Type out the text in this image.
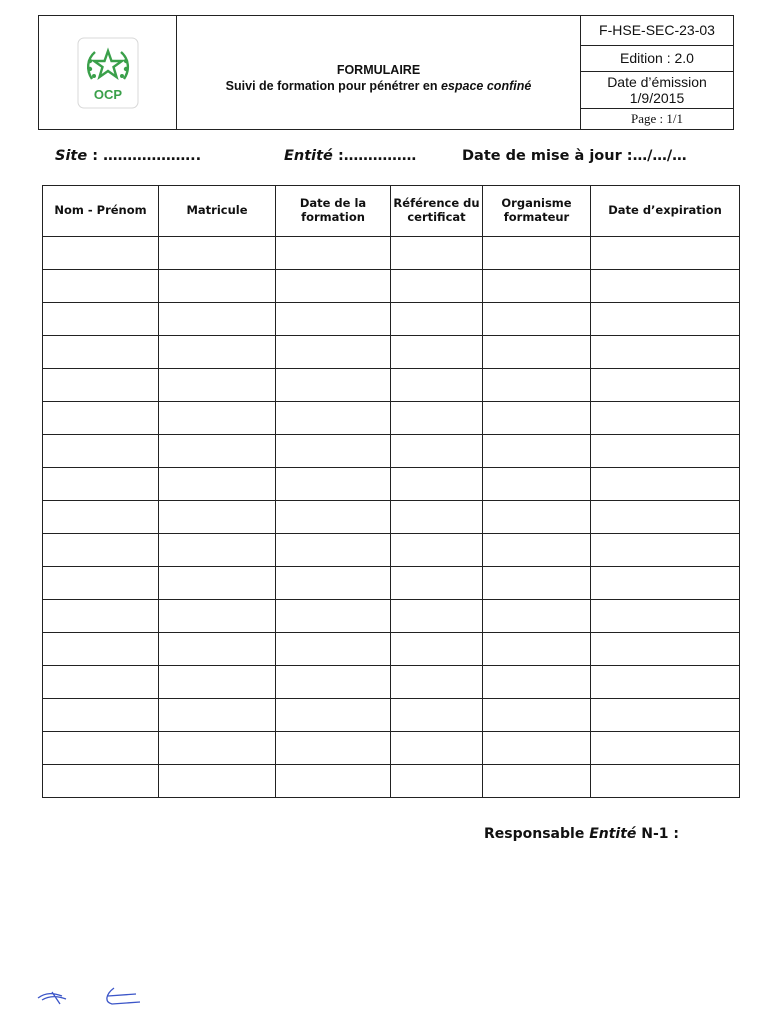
OCP
FORMULAIRE
Suivi de formation pour pénétrer en espace confiné
F-HSE-SEC-23-03
Edition : 2.0
Date d’émission
1/9/2015
Page : 1/1
Site : ………………..	Entité :……………	Date de mise à jour :…/…/…
Nom - Prénom	Matricule	Date de la formation	Référence du certificat	Organisme formateur	Date d’expiration

Responsable Entité N-1 :
